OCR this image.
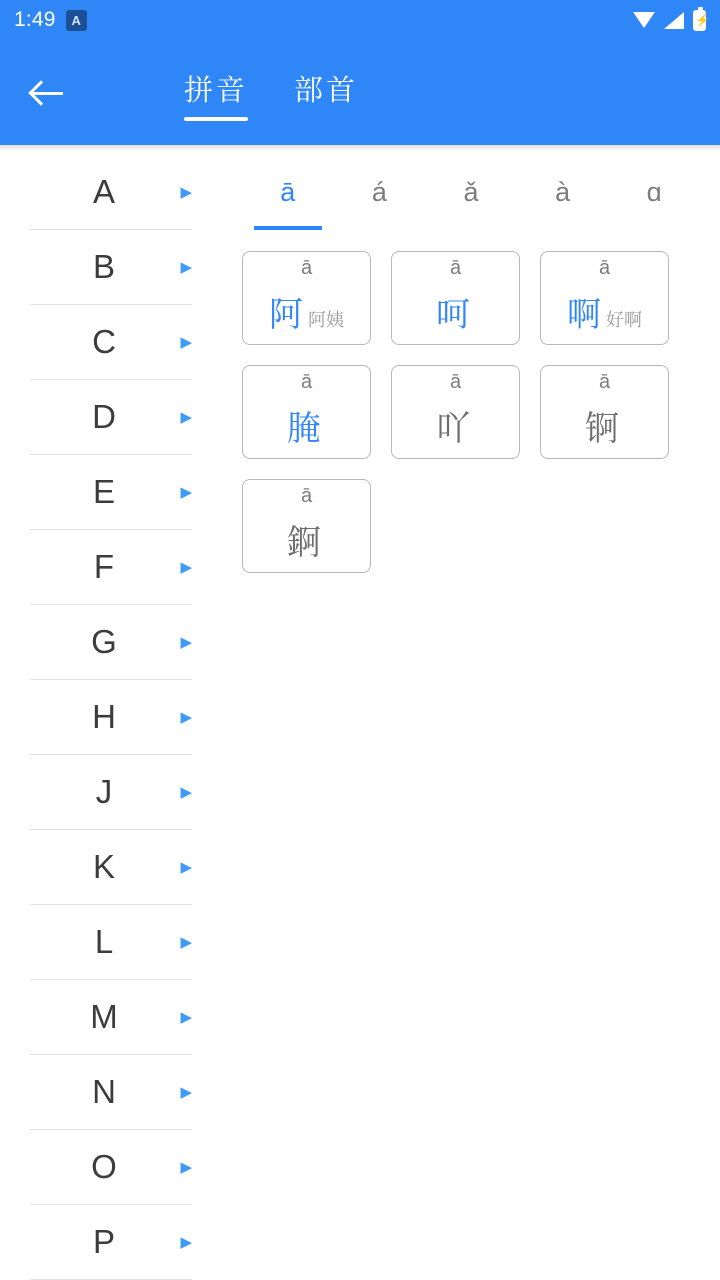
1:49	A
⚡
拼音	部首
A	▶
B	▶
C	▶
D	▶
E	▶
F	▶
G	▶
H	▶
J	▶
K	▶
L	▶
M	▶
N	▶
O	▶
P	▶
ā	á	ǎ	à	ɑ
ā
阿 阿姨
ā
呵
ā
啊 好啊
ā
腌
ā
吖
ā
锕
ā
錒
